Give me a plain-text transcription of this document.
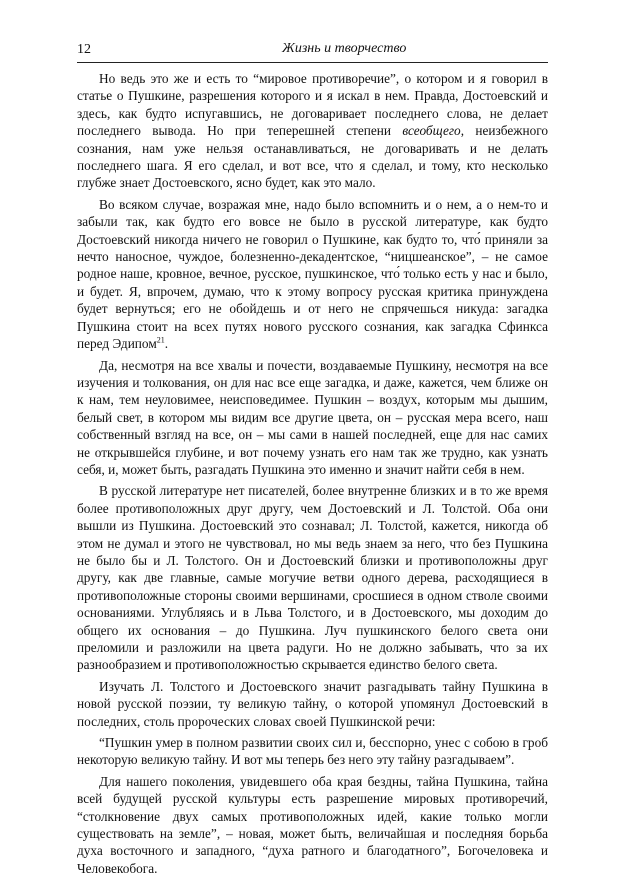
12	Жизнь и творчество

Но ведь это же и есть то “мировое противоречие”, о котором и я говорил в статье о Пушкине, разрешения которого и я искал в нем. Правда, Достоевский и здесь, как будто испугавшись, не договаривает последнего слова, не делает последнего вывода. Но при теперешней степени всеобщего, неизбежного сознания, нам уже нельзя останавливаться, не договаривать и не делать последнего шага. Я его сделал, и вот все, что я сделал, и тому, кто несколько глубже знает Достоевского, ясно будет, как это мало.

Во всяком случае, возражая мне, надо было вспомнить и о нем, а о нем-то и забыли так, как будто его вовсе не было в русской литературе, как будто Достоевский никогда ничего не говорил о Пушкине, как будто то, что́ приняли за нечто наносное, чуждое, болезненно-декадентское, “ницшеанское”, – не самое родное наше, кровное, вечное, русское, пушкинское, что́ только есть у нас и было, и будет. Я, впрочем, думаю, что к этому вопросу русская критика принуждена будет вернуться; его не обойдешь и от него не спрячешься никуда: загадка Пушкина стоит на всех путях нового русского сознания, как загадка Сфинкса перед Эдипом$^{21}$.

Да, несмотря на все хвалы и почести, воздаваемые Пушкину, несмотря на все изучения и толкования, он для нас все еще загадка, и даже, кажется, чем ближе он к нам, тем неуловимее, неисповедимее. Пушкин – воздух, которым мы дышим, белый свет, в котором мы видим все другие цвета, он – русская мера всего, наш собственный взгляд на все, он – мы сами в нашей последней, еще для нас самих не открывшейся глубине, и вот почему узнать его нам так же трудно, как узнать себя, и, может быть, разгадать Пушкина это именно и значит найти себя в нем.

В русской литературе нет писателей, более внутренне близких и в то же время более противоположных друг другу, чем Достоевский и Л. Толстой. Оба они вышли из Пушкина. Достоевский это сознавал; Л. Толстой, кажется, никогда об этом не думал и этого не чувствовал, но мы ведь знаем за него, что без Пушкина не было бы и Л. Толстого. Он и Достоевский близки и противоположны друг другу, как две главные, самые могучие ветви одного дерева, расходящиеся в противоположные стороны своими вершинами, сросшиеся в одном стволе своими основаниями. Углубляясь и в Льва Толстого, и в Достоевского, мы доходим до общего их основания – до Пушкина. Луч пушкинского белого света они преломили и разложили на цвета радуги. Но не должно забывать, что за их разнообразием и противоположностью скрывается единство белого света.

Изучать Л. Толстого и Достоевского значит разгадывать тайну Пушкина в новой русской поэзии, ту великую тайну, о которой упомянул Достоевский в последних, столь пророческих словах своей Пушкинской речи:

“Пушкин умер в полном развитии своих сил и, бесспорно, унес с собою в гроб некоторую великую тайну. И вот мы теперь без него эту тайну разгадываем”.

Для нашего поколения, увидевшего оба края бездны, тайна Пушкина, тайна всей будущей русской культуры есть разрешение мировых противоречий, “столкновение двух самых противоположных идей, какие только могли существовать на земле”, – новая, может быть, величайшая и последняя борьба духа восточного и западного, “духа ратного и благодатного”, Богочеловека и Человекобога.
